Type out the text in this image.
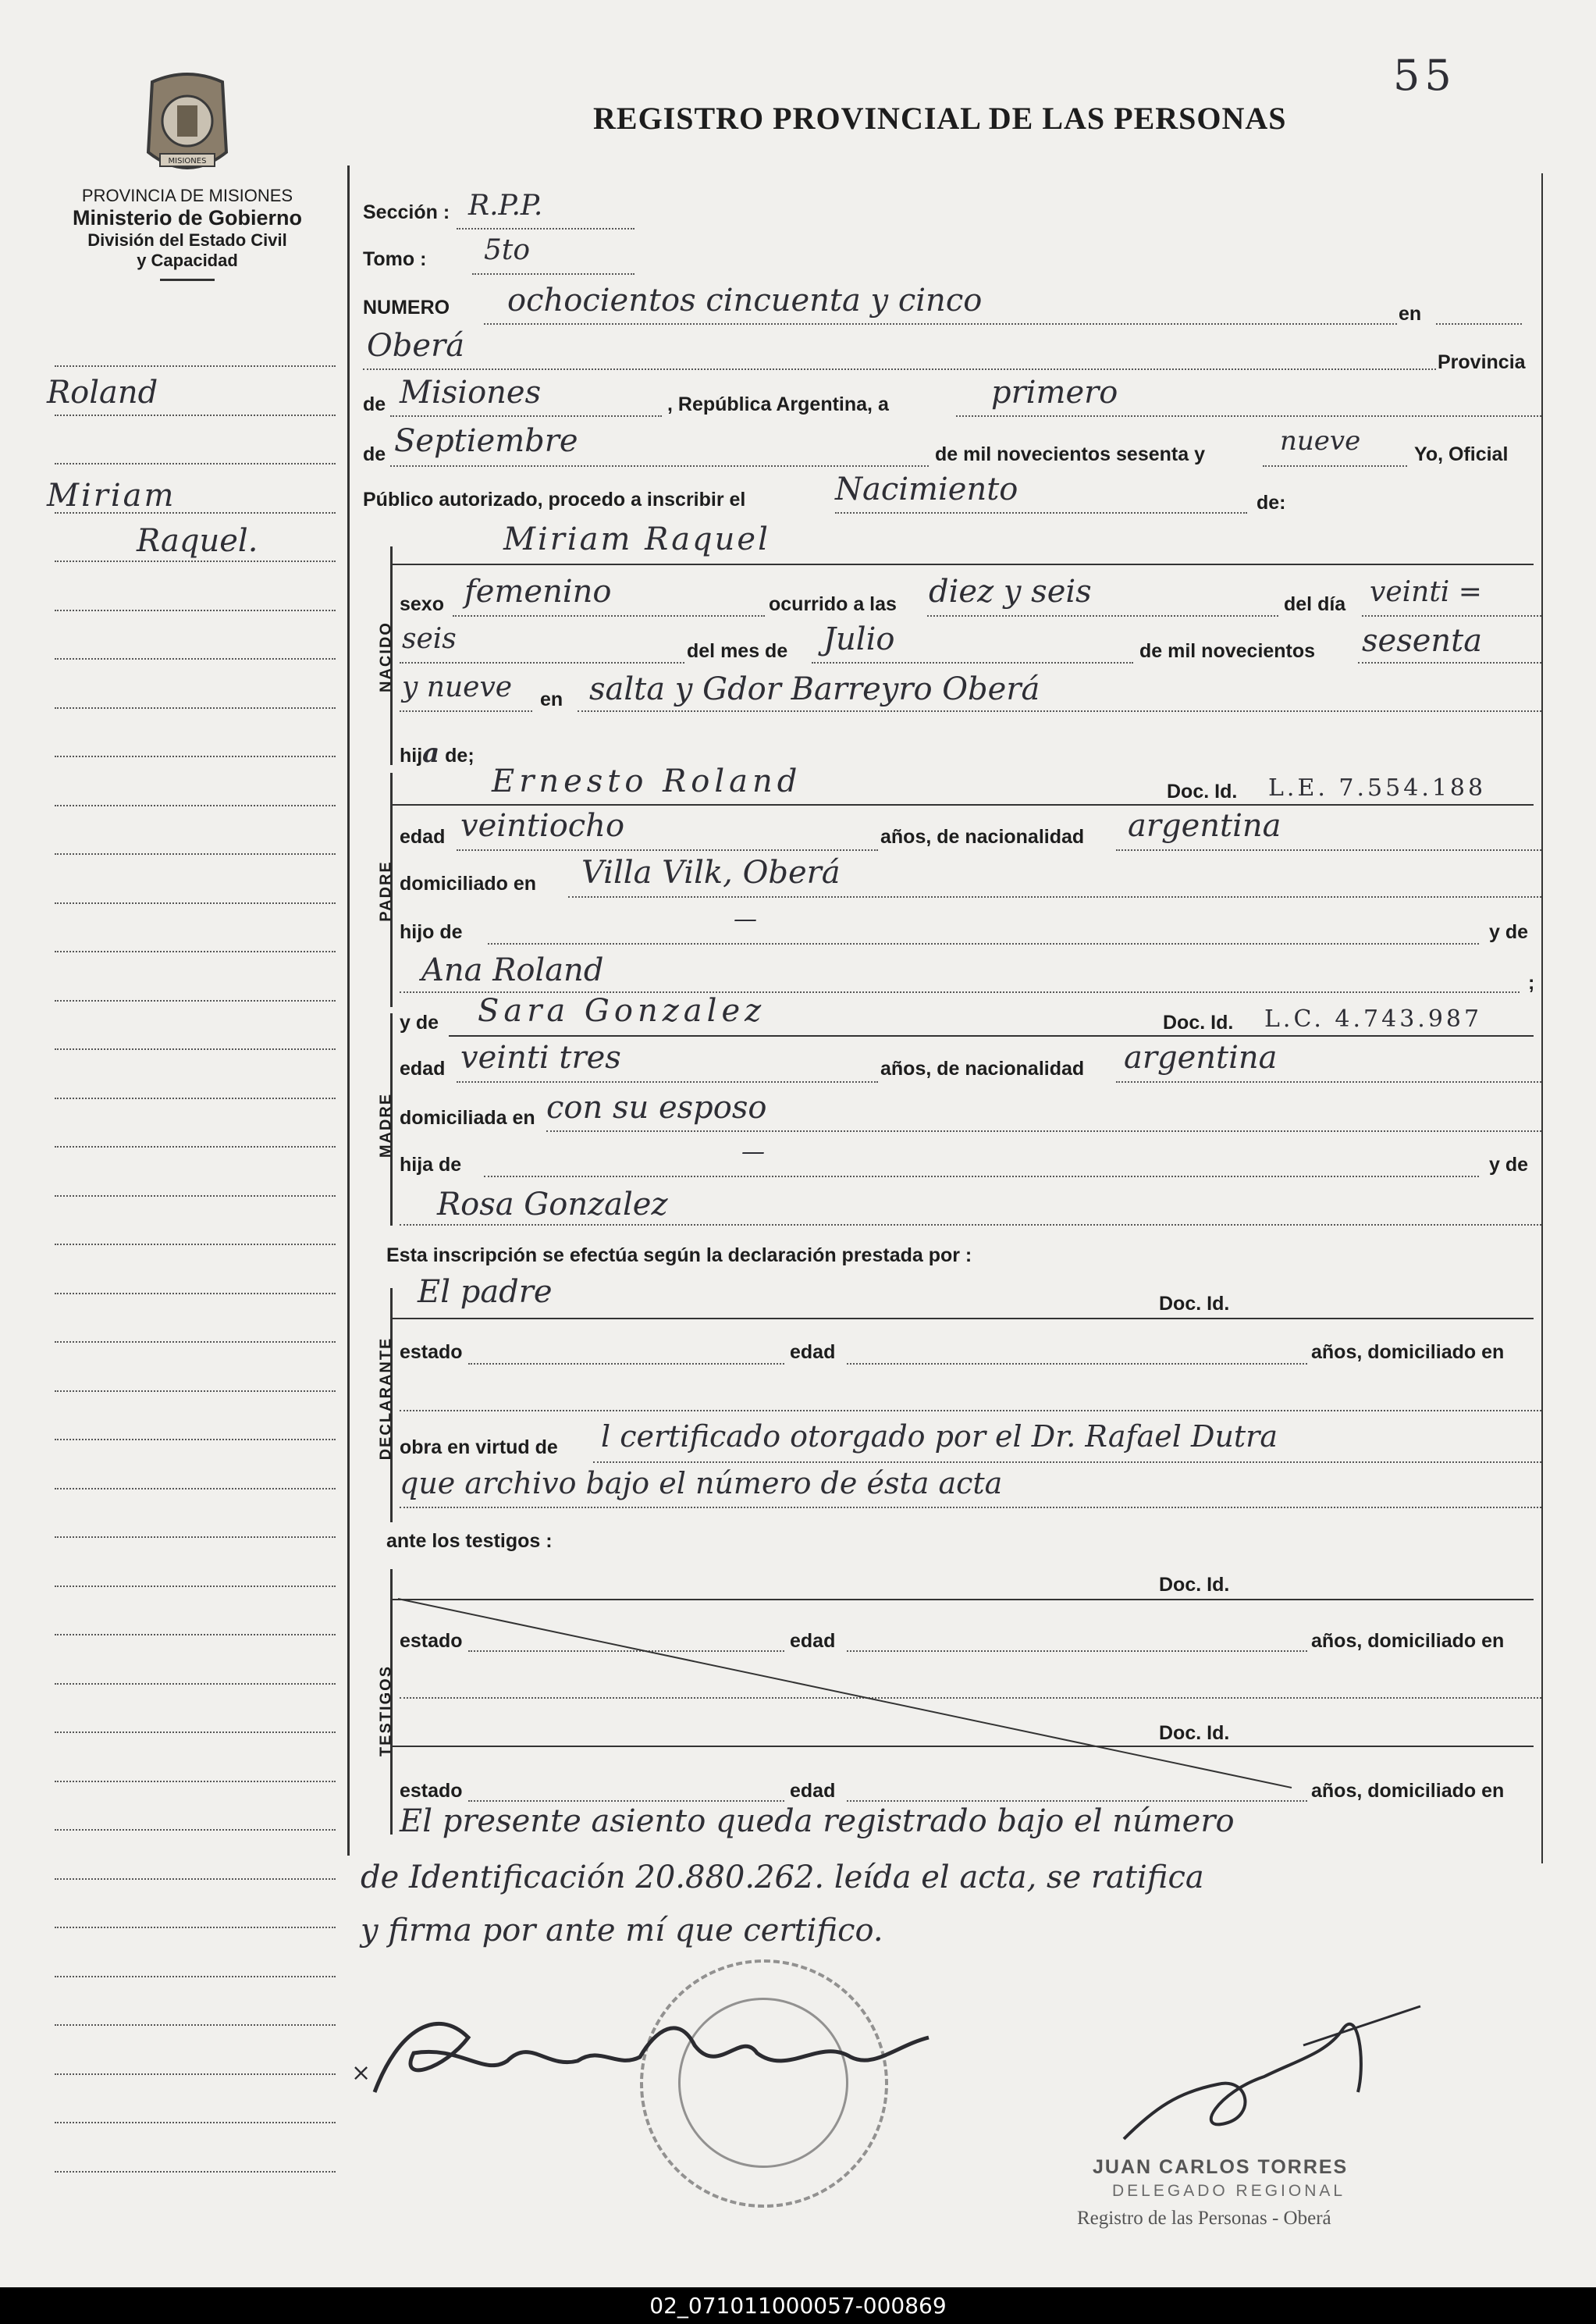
55
MISIONES
REGISTRO PROVINCIAL DE LAS PERSONAS
PROVINCIA DE MISIONES
Ministerio de Gobierno
División del Estado Civil
y Capacidad
NACIDO
PADRE
MADRE
DECLARANTE
TESTIGOS
Roland
Miriam
Raquel.
Sección : R.P.P.
Tomo : 5to
NUMERO ochocientos cincuenta y cinco	en
Oberá	Provincia
de Misiones	, República Argentina, a	primero
de Septiembre	de mil novecientos sesenta y	nueve	Yo, Oficial
Público autorizado, procedo a inscribir el	Nacimiento	de:
Miriam Raquel
sexo femenino	ocurrido a las diez y seis	del día veinti =
seis	del mes de Julio	de mil novecientos sesenta
y nueve en salta y Gdor Barreyro Oberá
hija de;
Ernesto Roland	Doc. Id. L.E. 7.554.188
edad veintiocho	años, de nacionalidad argentina
domiciliado en Villa Vilk, Oberá
hijo de	—	y de
Ana Roland	;
y de Sara Gonzalez	Doc. Id. L.C. 4.743.987
edad veinti tres	años, de nacionalidad argentina
domiciliada en con su esposo
hija de	—	y de
Rosa Gonzalez
Esta inscripción se efectúa según la declaración prestada por :
El padre	Doc. Id.
estado	edad	años, domiciliado en
obra en virtud de l certificado otorgado por el Dr. Rafael Dutra
que archivo bajo el número de ésta acta
ante los testigos :
Doc. Id.
estado	edad	años, domiciliado en
Doc. Id.
estado	edad	años, domiciliado en
El presente asiento queda registrado bajo el número
de Identificación 20.880.262. leída el acta, se ratifica
y firma por ante mí que certifico.
×
JUAN CARLOS TORRES
DELEGADO REGIONAL
Registro de las Personas - Oberá
02_071011000057-000869
